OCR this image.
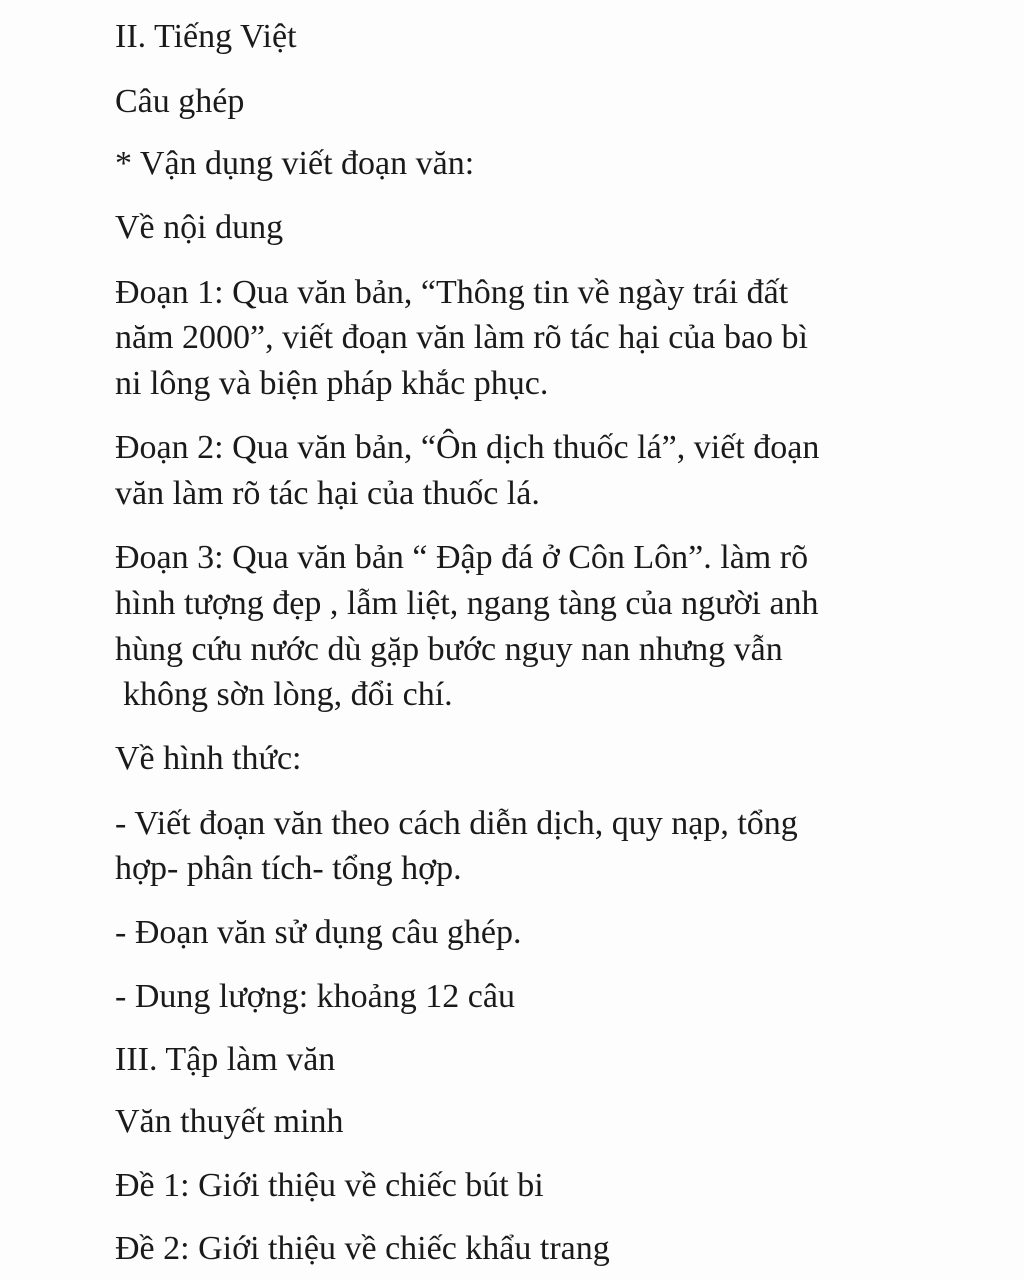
II. Tiếng Việt

Câu ghép

* Vận dụng viết đoạn văn:

Về nội dung

Đoạn 1: Qua văn bản, “Thông tin về ngày trái đất

năm 2000”, viết đoạn văn làm rõ tác hại của bao bì

ni lông và biện pháp khắc phục.

Đoạn 2: Qua văn bản, “Ôn dịch thuốc lá”, viết đoạn

văn làm rõ tác hại của thuốc lá.

Đoạn 3: Qua văn bản “ Đập đá ở Côn Lôn”. làm rõ

hình tượng đẹp , lẫm liệt, ngang tàng của người anh

hùng cứu nước dù gặp bước nguy nan nhưng vẫn

không sờn lòng, đổi chí.

Về hình thức:

- Viết đoạn văn theo cách diễn dịch, quy nạp, tổng

hợp- phân tích- tổng hợp.

- Đoạn văn sử dụng câu ghép.

- Dung lượng: khoảng 12 câu

III. Tập làm văn

Văn thuyết minh

Đề 1: Giới thiệu về chiếc bút bi

Đề 2: Giới thiệu về chiếc khẩu trang
